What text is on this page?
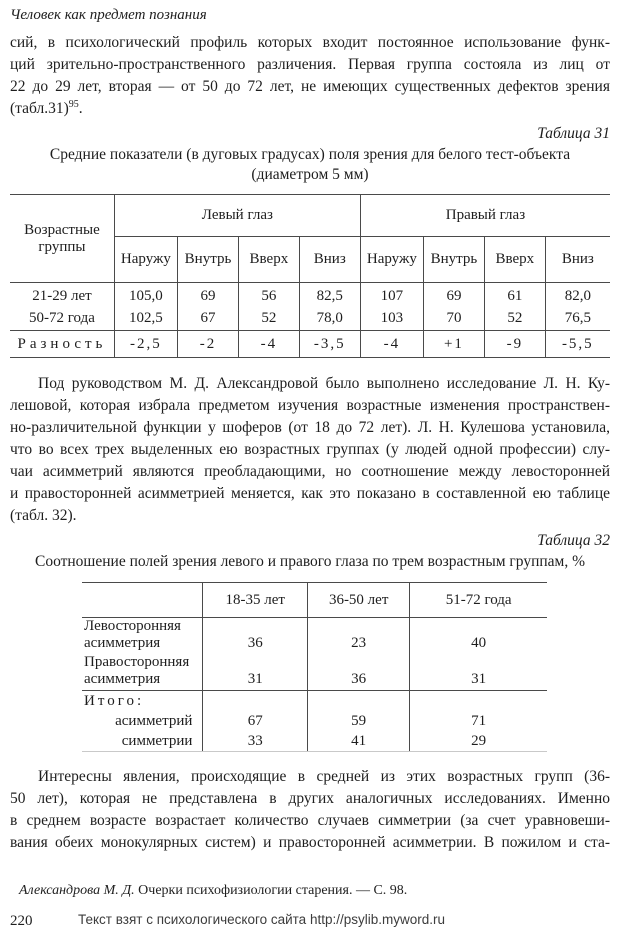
Человек как предмет познания
сий, в психологический профиль которых входит постоянное использование функ-
ций зрительно-пространственного различения. Первая группа состояла из лиц от
22 до 29 лет, вторая — от 50 до 72 лет, не имеющих существенных дефектов зрения
(табл.31)$^{95}$.
Таблица 31
Средние показатели (в дуговых градусах) поля зрения для белого тест-объекта
(диаметром 5 мм)
Возрастные группы	Левый глаз				Правый глаз			
	Наружу	Внутрь	Вверх	Вниз	Наружу	Внутрь	Вверх	Вниз
21-29 лет	105,0	69	56	82,5	107	69	61	82,0
50-72 года	102,5	67	52	78,0	103	70	52	76,5
Разность	-2,5	-2	-4	-3,5	-4	+1	-9	-5,5
Под руководством М. Д. Александровой было выполнено исследование Л. Н. Ку-
лешовой, которая избрала предметом изучения возрастные изменения пространствен-
но-различительной функции у шоферов (от 18 до 72 лет). Л. Н. Кулешова установила,
что во всех трех выделенных ею возрастных группах (у людей одной профессии) слу-
чаи асимметрий являются преобладающими, но соотношение между левосторонней
и правосторонней асимметрией меняется, как это показано в составленной ею таблице
(табл. 32).
Таблица 32
Соотношение полей зрения левого и правого глаза по трем возрастным группам, %
	18-35 лет	36-50 лет	51-72 года

Левосторонняя
асимметрия	36	23	40

Правосторонняя
асимметрия	31	36	31
Итого:			
асимметрий	67	59	71
симметрии	33	41	29
Интересны явления, происходящие в средней из этих возрастных групп (36-
50 лет), которая не представлена в других аналогичных исследованиях. Именно
в среднем возрасте возрастает количество случаев симметрии (за счет уравновеши-
вания обеих монокулярных систем) и правосторонней асимметрии. В пожилом и ста-
Александрова М. Д. Очерки психофизиологии старения. — С. 98.
220	Текст взят с психологического сайта http://psylib.myword.ru
